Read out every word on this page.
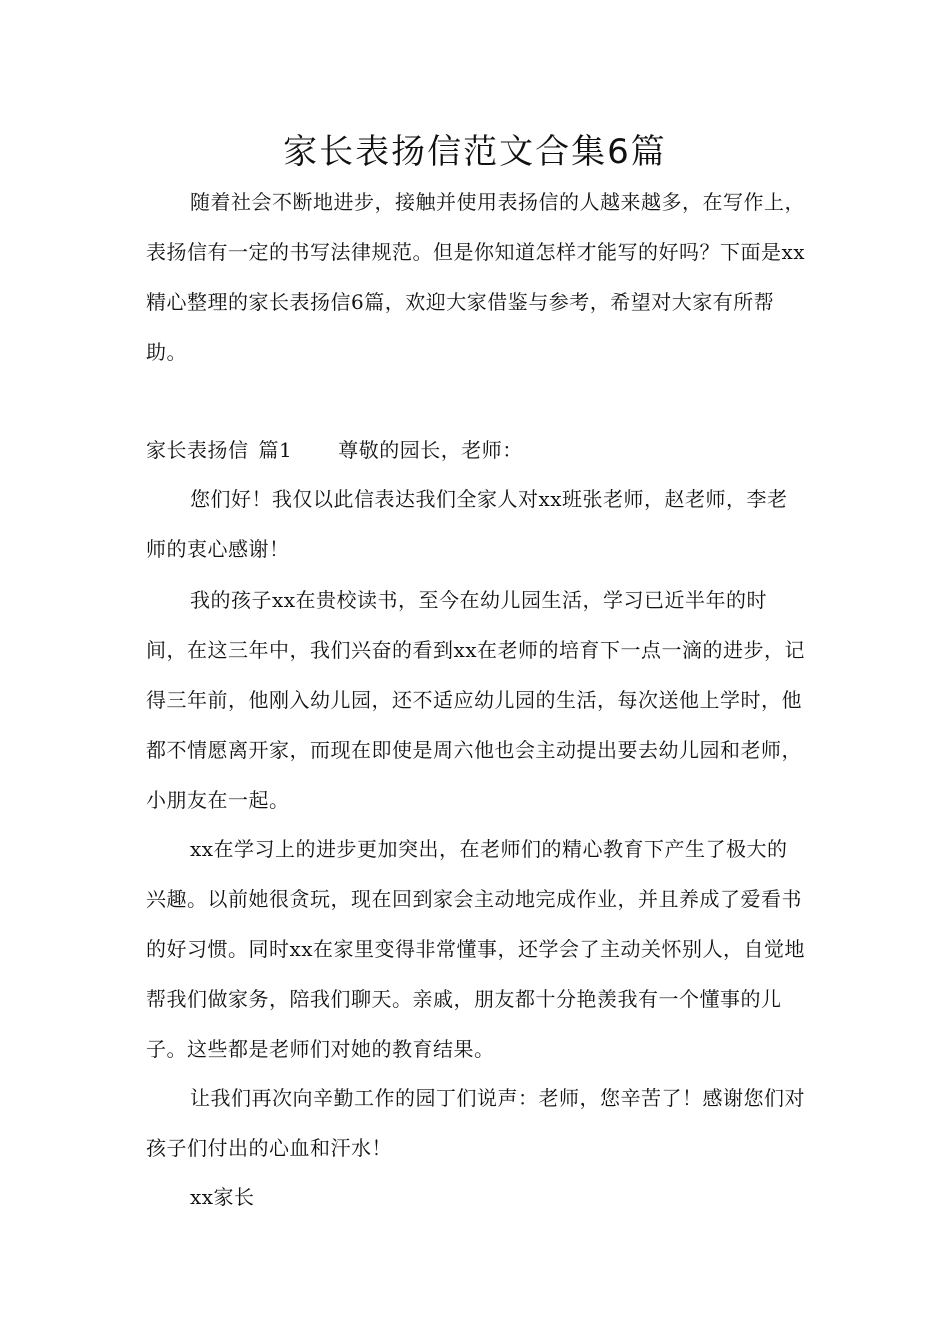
家长表扬信范文合集6篇

随着社会不断地进步，接触并使用表扬信的人越来越多，在写作上，表扬信有一定的书写法律规范。但是你知道怎样才能写的好吗？下面是xx精心整理的家长表扬信6篇，欢迎大家借鉴与参考，希望对大家有所帮助。

家长表扬信 篇1 尊敬的园长，老师：

您们好！我仅以此信表达我们全家人对xx班张老师，赵老师，李老师的衷心感谢！

我的孩子xx在贵校读书，至今在幼儿园生活，学习已近半年的时间，在这三年中，我们兴奋的看到xx在老师的培育下一点一滴的进步，记得三年前，他刚入幼儿园，还不适应幼儿园的生活，每次送他上学时，他都不情愿离开家，而现在即使是周六他也会主动提出要去幼儿园和老师，小朋友在一起。

xx在学习上的进步更加突出，在老师们的精心教育下产生了极大的兴趣。以前她很贪玩，现在回到家会主动地完成作业，并且养成了爱看书的好习惯。同时xx在家里变得非常懂事，还学会了主动关怀别人，自觉地帮我们做家务，陪我们聊天。亲戚，朋友都十分艳羡我有一个懂事的儿子。这些都是老师们对她的教育结果。

让我们再次向辛勤工作的园丁们说声：老师，您辛苦了！感谢您们对孩子们付出的心血和汗水！

xx家长
